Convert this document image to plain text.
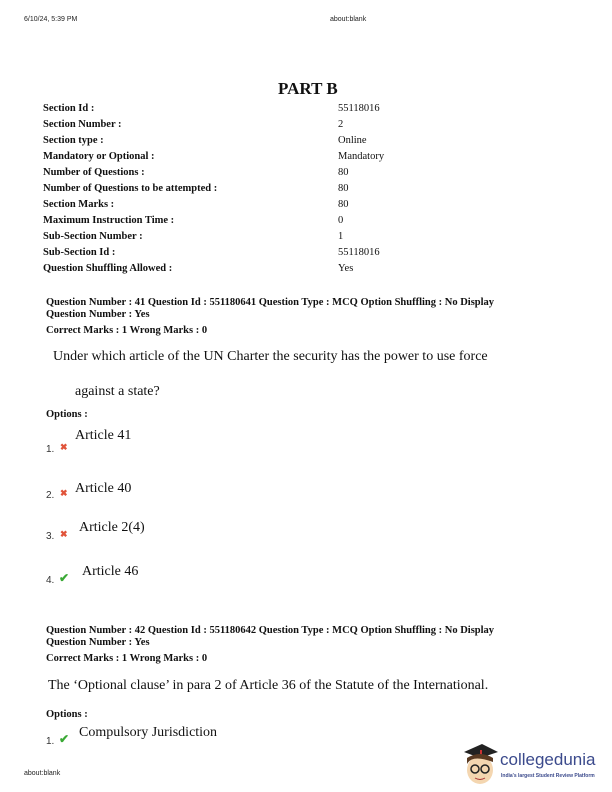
6/10/24, 5:39 PM	about:blank
PART B
Section Id :	55118016
Section Number :	2
Section type :	Online
Mandatory or Optional :	Mandatory
Number of Questions :	80
Number of Questions to be attempted :	80
Section Marks :	80
Maximum Instruction Time :	0
Sub-Section Number :	1
Sub-Section Id :	55118016
Question Shuffling Allowed :	Yes
Question Number : 41 Question Id : 551180641 Question Type : MCQ Option Shuffling : No Display
Question Number : Yes
Correct Marks : 1 Wrong Marks : 0
Under which article of the UN Charter the security has the power to use force
against a state?
Options :
1. ✖
Article 41
2. ✖ Article 40
3. ✖ Article 2(4)
4. ✔ Article 46
Question Number : 42 Question Id : 551180642 Question Type : MCQ Option Shuffling : No Display
Question Number : Yes
Correct Marks : 1 Wrong Marks : 0
The ‘Optional clause’ in para 2 of Article 36 of the Statute of the International.
Options :
1. ✔ Compulsory Jurisdiction
about:blank
collegedunia
India's largest Student Review Platform
